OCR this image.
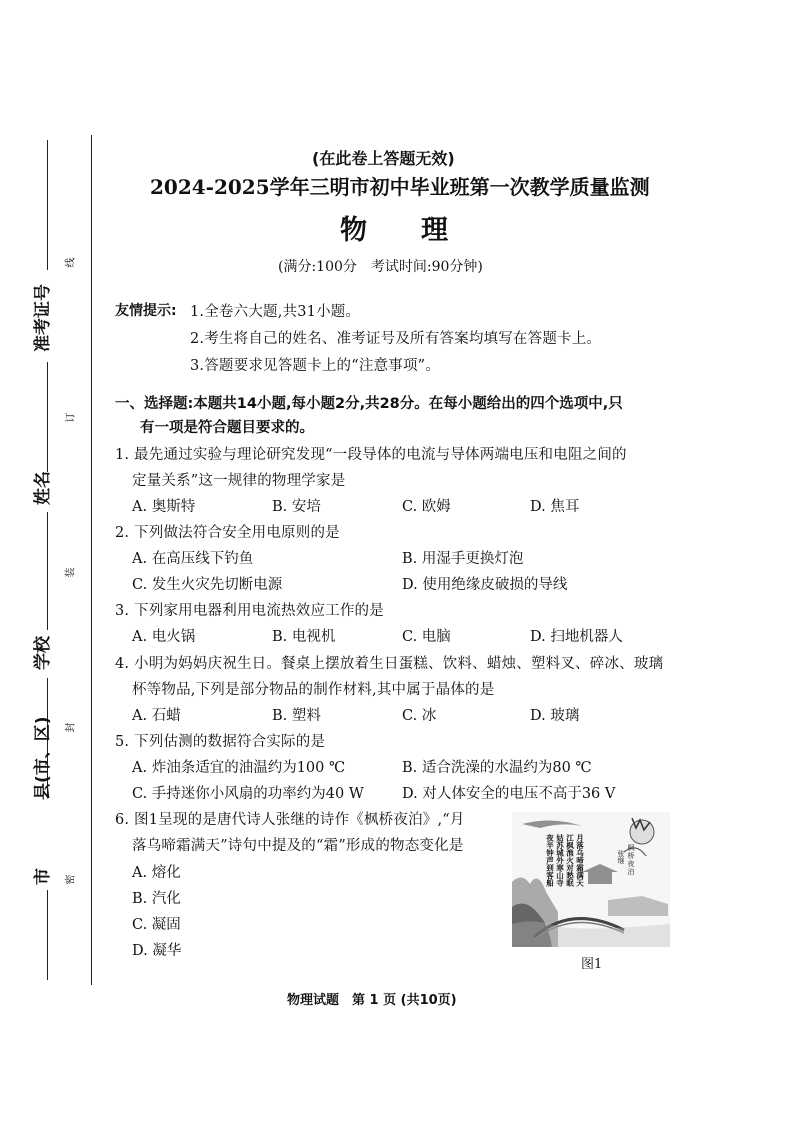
准考证号
姓名
学校
县(市、区)
市
线
订
装
封
密
(在此卷上答题无效)
2024-2025学年三明市初中毕业班第一次教学质量监测
物　　理
(满分:100分　考试时间:90分钟)
友情提示: 1.全卷六大题,共31小题。
2.考生将自己的姓名、准考证号及所有答案均填写在答题卡上。
3.答题要求见答题卡上的“注意事项”。
一、选择题:本题共14小题,每小题2分,共28分。在每小题给出的四个选项中,只
有一项是符合题目要求的。
1. 最先通过实验与理论研究发现“一段导体的电流与导体两端电压和电阻之间的
定量关系”这一规律的物理学家是
A. 奥斯特	B. 安培	C. 欧姆	D. 焦耳
2. 下列做法符合安全用电原则的是
A. 在高压线下钓鱼	B. 用湿手更换灯泡
C. 发生火灾先切断电源	D. 使用绝缘皮破损的导线
3. 下列家用电器利用电流热效应工作的是
A. 电火锅	B. 电视机	C. 电脑	D. 扫地机器人
4. 小明为妈妈庆祝生日。餐桌上摆放着生日蛋糕、饮料、蜡烛、塑料叉、碎冰、玻璃
杯等物品,下列是部分物品的制作材料,其中属于晶体的是
A. 石蜡	B. 塑料	C. 冰	D. 玻璃
5. 下列估测的数据符合实际的是
A. 炸油条适宜的油温约为100 ℃	B. 适合洗澡的水温约为80 ℃
C. 手持迷你小风扇的功率约为40 W	D. 对人体安全的电压不高于36 V
6. 图1呈现的是唐代诗人张继的诗作《枫桥夜泊》,“月
落乌啼霜满天”诗句中提及的“霜”形成的物态变化是
A. 熔化
B. 汽化
C. 凝固
D. 凝华
枫桥夜泊
张继
月落乌啼霜满天
江枫渔火对愁眠
姑苏城外寒山寺
夜半钟声到客船
图1
物理试题　第 1 页 (共10页)
